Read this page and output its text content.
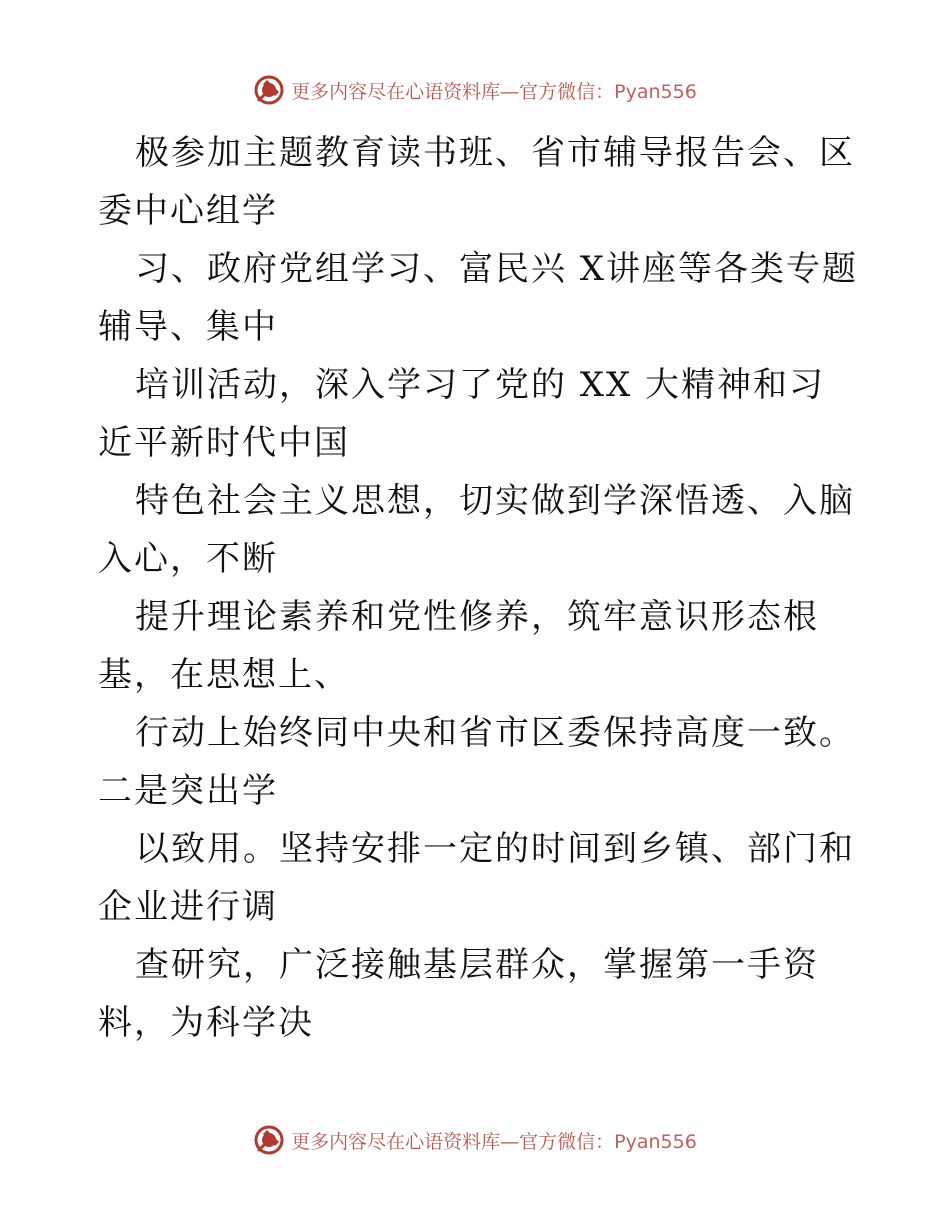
更多内容尽在心语资料库—官方微信：Pyan556

极参加主题教育读书班、省市辅导报告会、区委中心组学

习、政府党组学习、富民兴 X讲座等各类专题辅导、集中

培训活动，深入学习了党的 XX 大精神和习近平新时代中国

特色社会主义思想，切实做到学深悟透、入脑入心，不断

提升理论素养和党性修养，筑牢意识形态根基，在思想上、

行动上始终同中央和省市区委保持高度一致。二是突出学

以致用。坚持安排一定的时间到乡镇、部门和企业进行调

查研究，广泛接触基层群众，掌握第一手资料，为科学决

更多内容尽在心语资料库—官方微信：Pyan556
